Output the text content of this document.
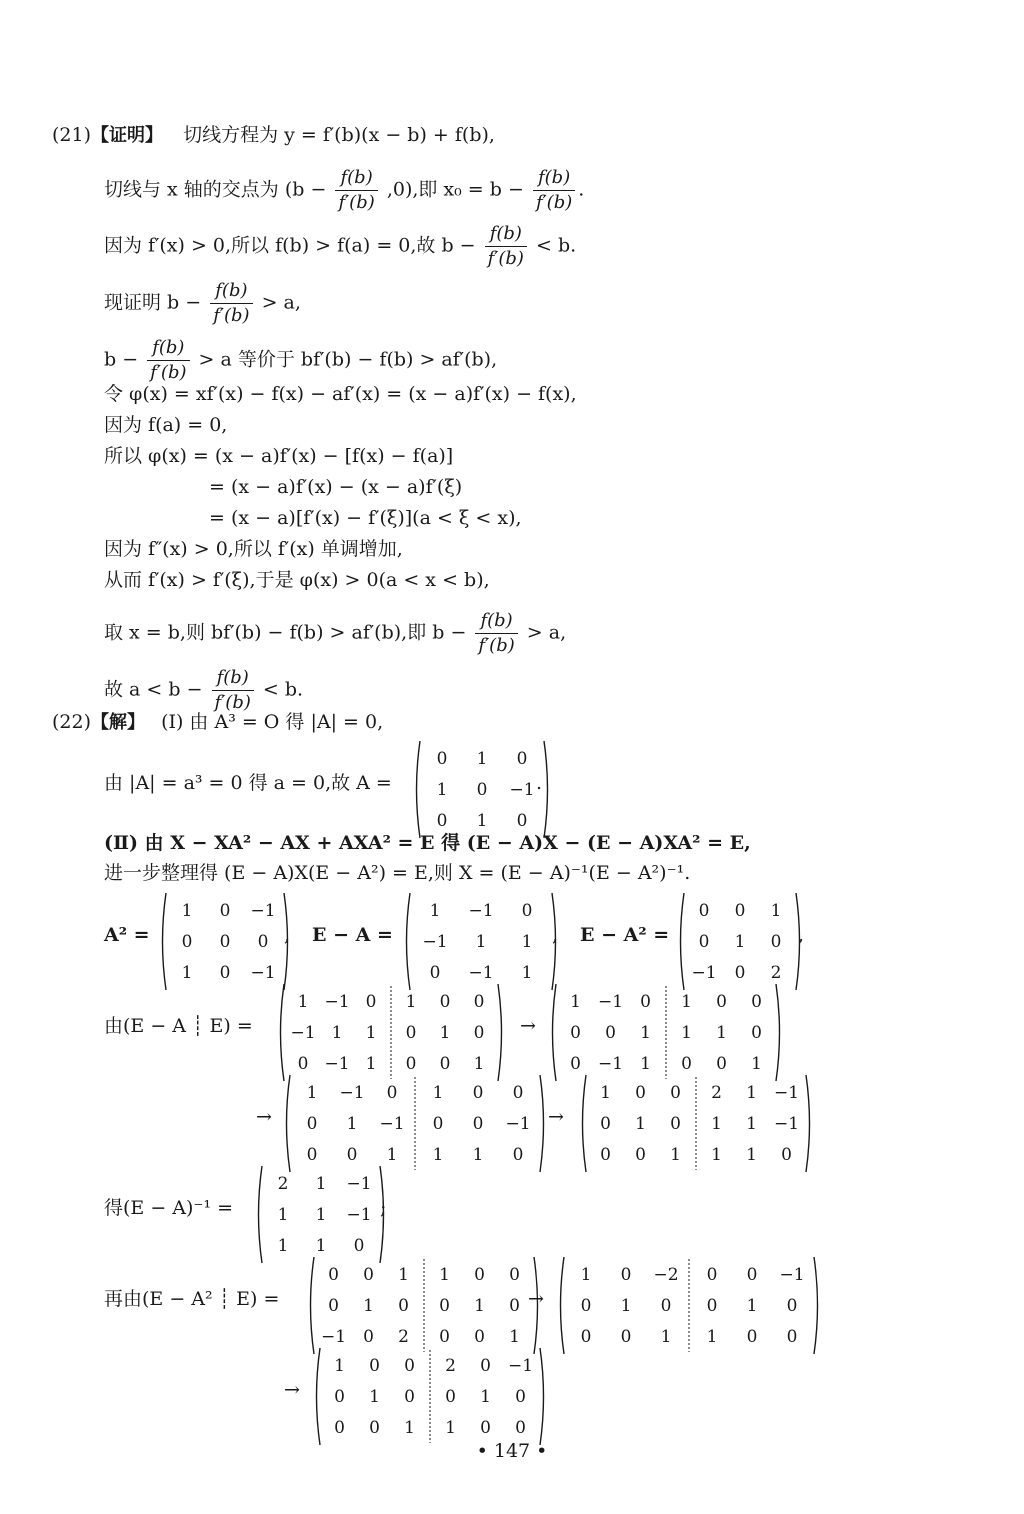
(21)【证明】 切线方程为 y = f′(b)(x − b) + f(b),
切线与 x 轴的交点为 $(b - \frac{f(b)}{f'(b)} ,0)$,即 $x_0 = b - \frac{f(b)}{f'(b)}$ .
因为 f′(x) > 0,所以 f(b) > f(a) = 0,故 $b - \frac{f(b)}{f'(b)} < b$.
现证明 $b - \frac{f(b)}{f'(b)} > a$,
$b - \frac{f(b)}{f'(b)} > a$ 等价于 bf′(b) − f(b) > af′(b),
令 φ(x) = xf′(x) − f(x) − af′(x) = (x − a)f′(x) − f(x),
因为 f(a) = 0,
所以 φ(x) = (x − a)f′(x) − [f(x) − f(a)]
= (x − a)f′(x) − (x − a)f′(ξ)
= (x − a)[f′(x) − f′(ξ)](a < ξ < x),
因为 f″(x) > 0,所以 f′(x) 单调增加,
从而 f′(x) > f′(ξ),于是 φ(x) > 0(a < x < b),
取 x = b,则 bf′(b) − f(b) > af′(b),即 $b - \frac{f(b)}{f'(b)} > a$,
故 $a < b - \frac{f(b)}{f'(b)} < b$.
(22)【解】 (Ⅰ) 由 A³ = O 得 |A| = 0,
由 |A| = a³ = 0 得 a = 0,故 A =
0	1	0
1	0	−1
0	1	0
.
(Ⅱ) 由 X − XA² − AX + AXA² = E 得 (E − A)X − (E − A)XA² = E,
进一步整理得 (E − A)X(E − A²) = E,则 X = (E − A)⁻¹(E − A²)⁻¹.
A² =
1	0	−1
0	0	0
1	0	−1
, E − A =
1	−1	0
−1	1	1
0	−1	1
, E − A² =
0	0	1
0	1	0
−1	0	2
,
由(E − A ┊ E) =
1 −1 0	1	0	0
−1 1	1	0	1	0
0 −1 1	0	0	1
→
1	−1	0	1	0	0
0	0	1	1	1	0
0	−1	1	0	0	1
→
1	−1	0	1	0	0
0	1	−1	0	0	−1
0	0	1	1	1	0
→
1	0	0	2	1	−1
0	1	0	1	1	−1
0	0	1	1	1	0
得(E − A)⁻¹ =
2	1	−1
1	1	−1
1	1	0
;
再由(E − A² ┊ E) =
0	0	1	1	0	0
0	1	0	0	1	0
−1	0	2	0	0	1
→
1	0	−2	0	0	−1
0	1	0	0	1	0
0	0	1	1	0	0
→
1	0	0	2	0	−1
0	1	0	0	1	0
0	0	1	1	0	0
• 147 •
